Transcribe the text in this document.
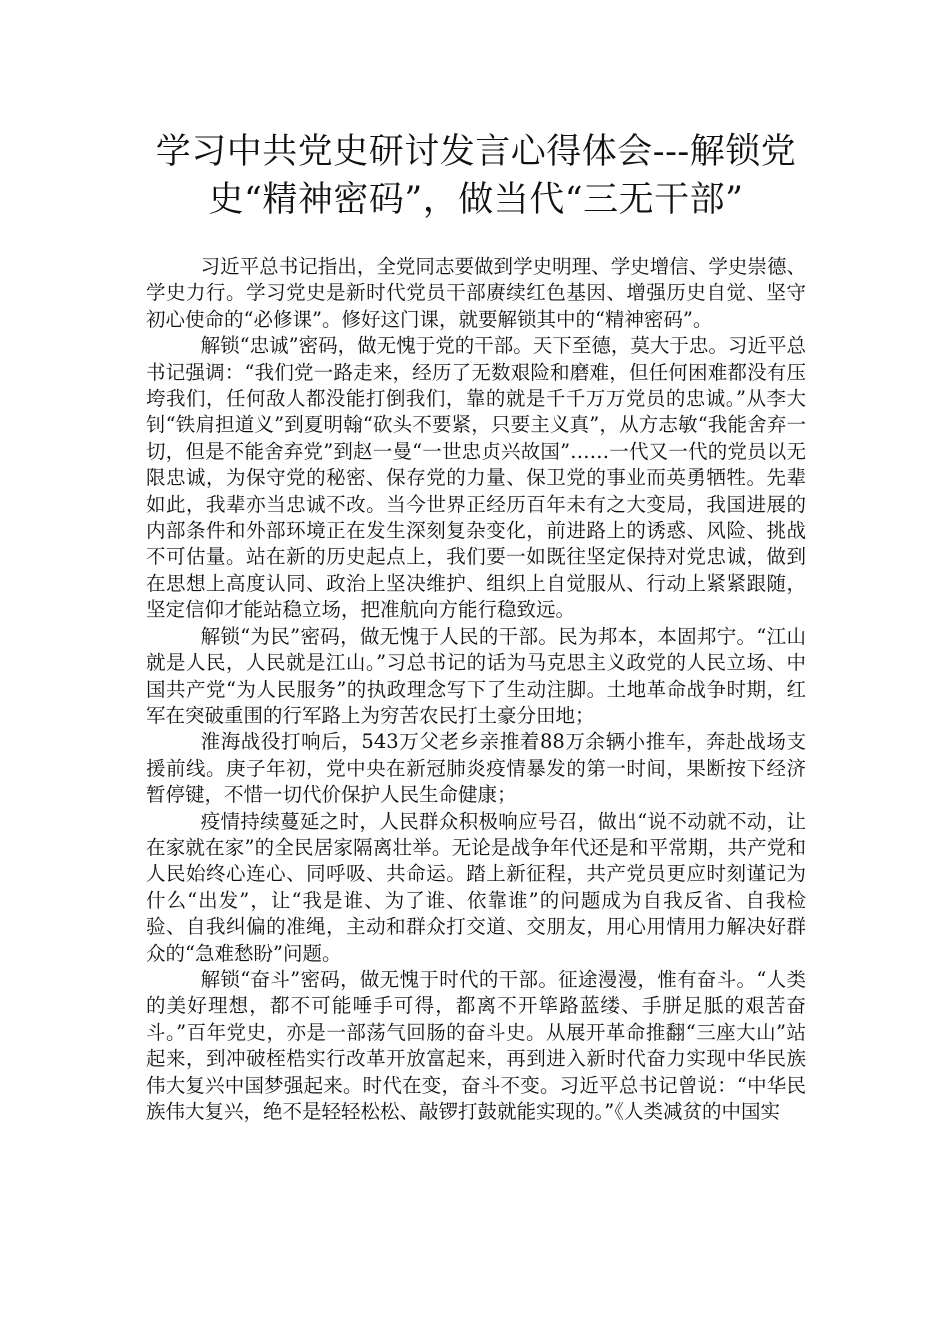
学习中共党史研讨发言心得体会---解锁党史“精神密码”，做当代“三无干部”

习近平总书记指出，全党同志要做到学史明理、学史增信、学史崇德、学史力行。学习党史是新时代党员干部赓续红色基因、增强历史自觉、坚守初心使命的“必修课”。修好这门课，就要解锁其中的“精神密码”。

解锁“忠诚”密码，做无愧于党的干部。天下至德，莫大于忠。习近平总书记强调：“我们党一路走来，经历了无数艰险和磨难，但任何困难都没有压垮我们，任何敌人都没能打倒我们，靠的就是千千万万党员的忠诚。”从李大钊“铁肩担道义”到夏明翰“砍头不要紧，只要主义真”，从方志敏“我能舍弃一切，但是不能舍弃党”到赵一曼“一世忠贞兴故国”……一代又一代的党员以无限忠诚，为保守党的秘密、保存党的力量、保卫党的事业而英勇牺牲。先辈如此，我辈亦当忠诚不改。当今世界正经历百年未有之大变局，我国进展的内部条件和外部环境正在发生深刻复杂变化，前进路上的诱惑、风险、挑战不可估量。站在新的历史起点上，我们要一如既往坚定保持对党忠诚，做到在思想上高度认同、政治上坚决维护、组织上自觉服从、行动上紧紧跟随，坚定信仰才能站稳立场，把准航向方能行稳致远。

解锁“为民”密码，做无愧于人民的干部。民为邦本，本固邦宁。“江山就是人民，人民就是江山。”习总书记的话为马克思主义政党的人民立场、中国共产党“为人民服务”的执政理念写下了生动注脚。土地革命战争时期，红军在突破重围的行军路上为穷苦农民打土豪分田地；

淮海战役打响后，543万父老乡亲推着88万余辆小推车，奔赴战场支援前线。庚子年初，党中央在新冠肺炎疫情暴发的第一时间，果断按下经济暂停键，不惜一切代价保护人民生命健康；

疫情持续蔓延之时，人民群众积极响应号召，做出“说不动就不动，让在家就在家”的全民居家隔离壮举。无论是战争年代还是和平常期，共产党和人民始终心连心、同呼吸、共命运。踏上新征程，共产党员更应时刻谨记为什么“出发”，让“我是谁、为了谁、依靠谁”的问题成为自我反省、自我检验、自我纠偏的准绳，主动和群众打交道、交朋友，用心用情用力解决好群众的“急难愁盼”问题。

解锁“奋斗”密码，做无愧于时代的干部。征途漫漫，惟有奋斗。“人类的美好理想，都不可能唾手可得，都离不开筚路蓝缕、手胼足胝的艰苦奋斗。”百年党史，亦是一部荡气回肠的奋斗史。从展开革命推翻“三座大山”站起来，到冲破桎梏实行改革开放富起来，再到进入新时代奋力实现中华民族伟大复兴中国梦强起来。时代在变，奋斗不变。习近平总书记曾说：“中华民族伟大复兴，绝不是轻轻松松、敲锣打鼓就能实现的。”《人类减贫的中国实
